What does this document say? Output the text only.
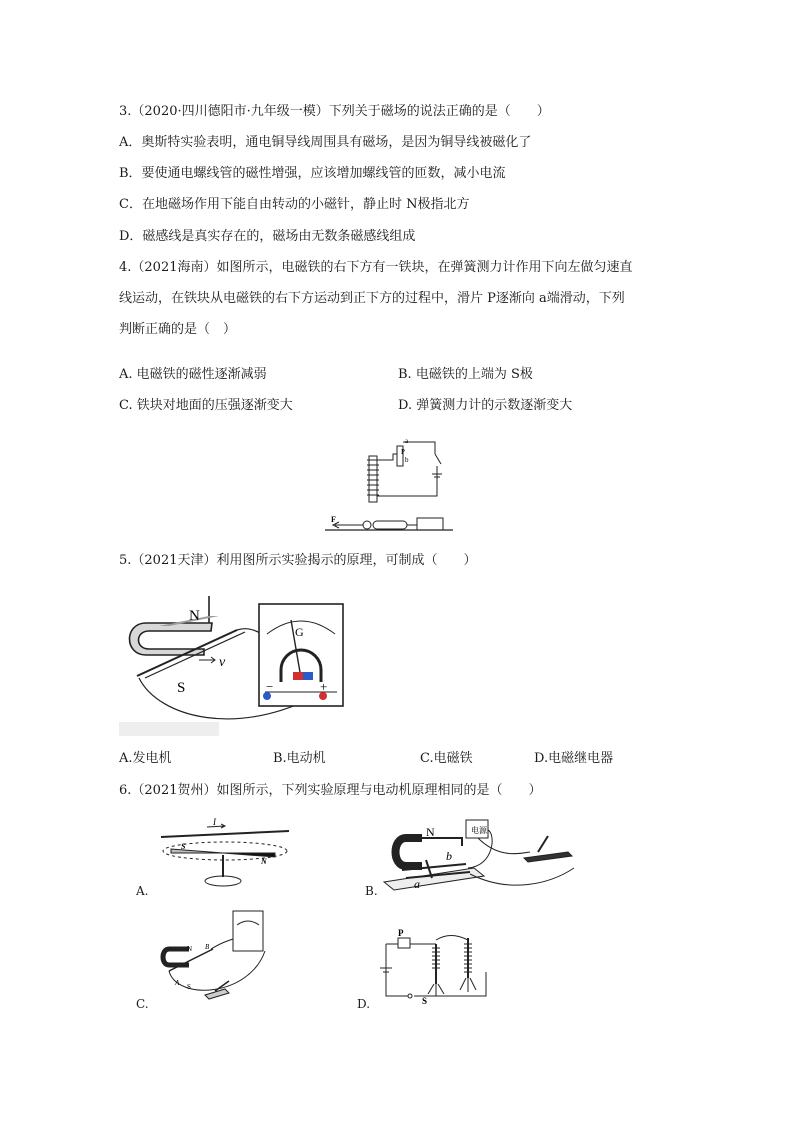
3.（2020·四川德阳市·九年级一模）下列关于磁场的说法正确的是（　　）
A．奥斯特实验表明，通电铜导线周围具有磁场，是因为铜导线被磁化了
B．要使通电螺线管的磁性增强，应该增加螺线管的匝数，减小电流
C．在地磁场作用下能自由转动的小磁针，静止时 N极指北方
D．磁感线是真实存在的，磁场由无数条磁感线组成
4.（2021海南）如图所示，电磁铁的右下方有一铁块，在弹簧测力计作用下向左做匀速直
线运动，在铁块从电磁铁的右下方运动到正下方的过程中，滑片 P逐渐向 a端滑动，下列
判断正确的是（　）
A. 电磁铁的磁性逐渐减弱	B. 电磁铁的上端为 S极
C. 铁块对地面的压强逐渐变大	D. 弹簧测力计的示数逐渐变大
a
P
b
F
5.（2021天津）利用图所示实验揭示的原理，可制成（　　）
N
S
v
G
−	+
A.发电机	B.电动机	C.电磁铁	D.电磁继电器
6.（2021贺州）如图所示，下列实验原理与电动机原理相同的是（　　）
I
S
N
A.
电源
N
a
b
B.
N B
A S
C.
P
S
D.
